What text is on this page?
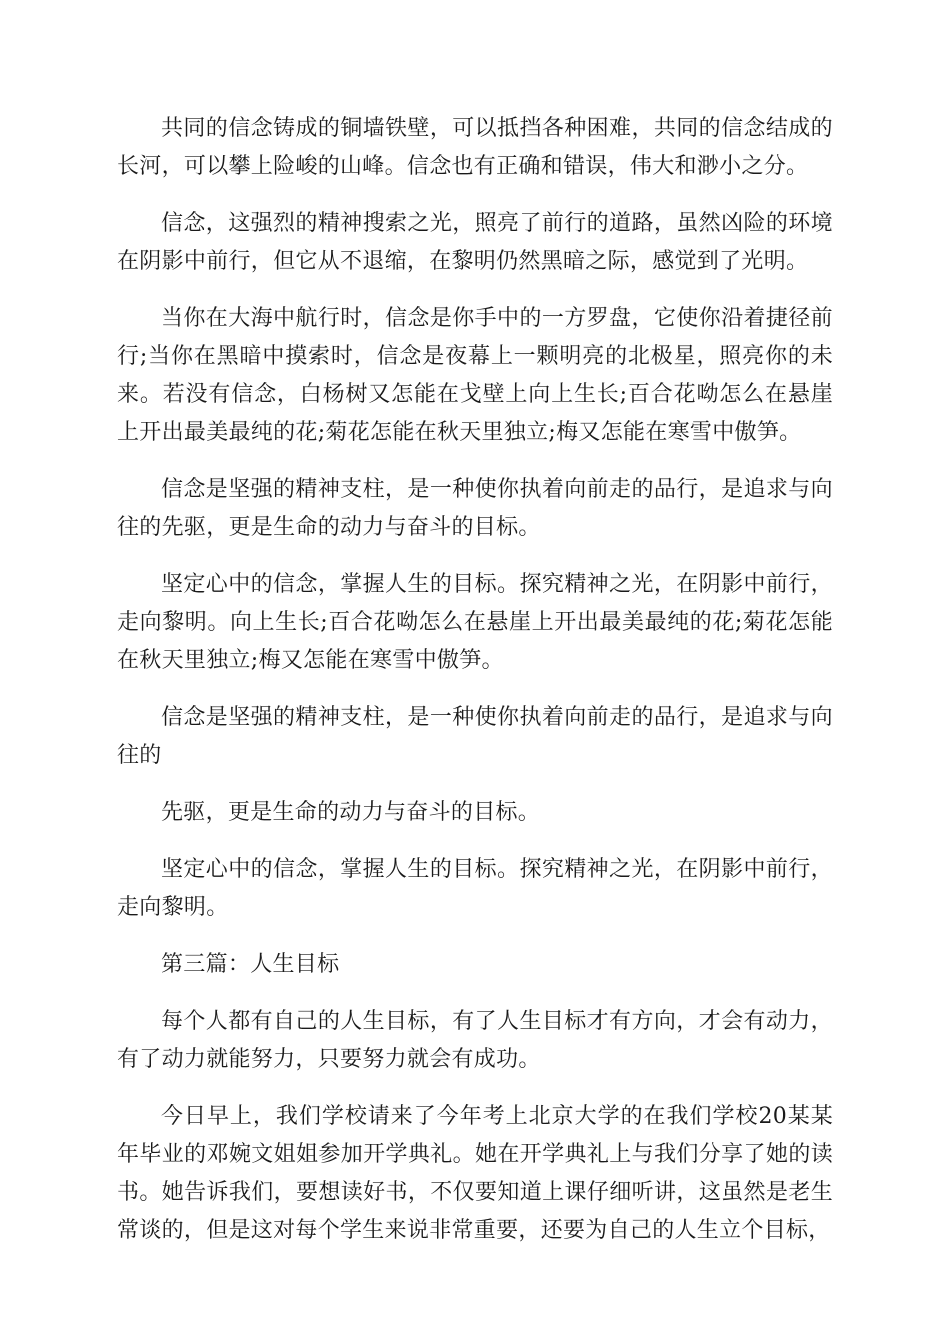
共同的信念铸成的铜墙铁壁，可以抵挡各种困难，共同的信念结成的长河，可以攀上险峻的山峰。信念也有正确和错误，伟大和渺小之分。

信念，这强烈的精神搜索之光，照亮了前行的道路，虽然凶险的环境在阴影中前行，但它从不退缩，在黎明仍然黑暗之际，感觉到了光明。

当你在大海中航行时，信念是你手中的一方罗盘，它使你沿着捷径前行;当你在黑暗中摸索时，信念是夜幕上一颗明亮的北极星，照亮你的未来。若没有信念，白杨树又怎能在戈壁上向上生长;百合花呦怎么在悬崖上开出最美最纯的花;菊花怎能在秋天里独立;梅又怎能在寒雪中傲笋。

信念是坚强的精神支柱，是一种使你执着向前走的品行，是追求与向往的先驱，更是生命的动力与奋斗的目标。

坚定心中的信念，掌握人生的目标。探究精神之光，在阴影中前行，走向黎明。向上生长;百合花呦怎么在悬崖上开出最美最纯的花;菊花怎能在秋天里独立;梅又怎能在寒雪中傲笋。

信念是坚强的精神支柱，是一种使你执着向前走的品行，是追求与向往的

先驱，更是生命的动力与奋斗的目标。

坚定心中的信念，掌握人生的目标。探究精神之光，在阴影中前行，走向黎明。

第三篇：人生目标

每个人都有自己的人生目标，有了人生目标才有方向，才会有动力，有了动力就能努力，只要努力就会有成功。

今日早上，我们学校请来了今年考上北京大学的在我们学校20某某年毕业的邓婉文姐姐参加开学典礼。她在开学典礼上与我们分享了她的读书。她告诉我们，要想读好书，不仅要知道上课仔细听讲，这虽然是老生常谈的，但是这对每个学生来说非常重要，还要为自己的人生立个目标，
